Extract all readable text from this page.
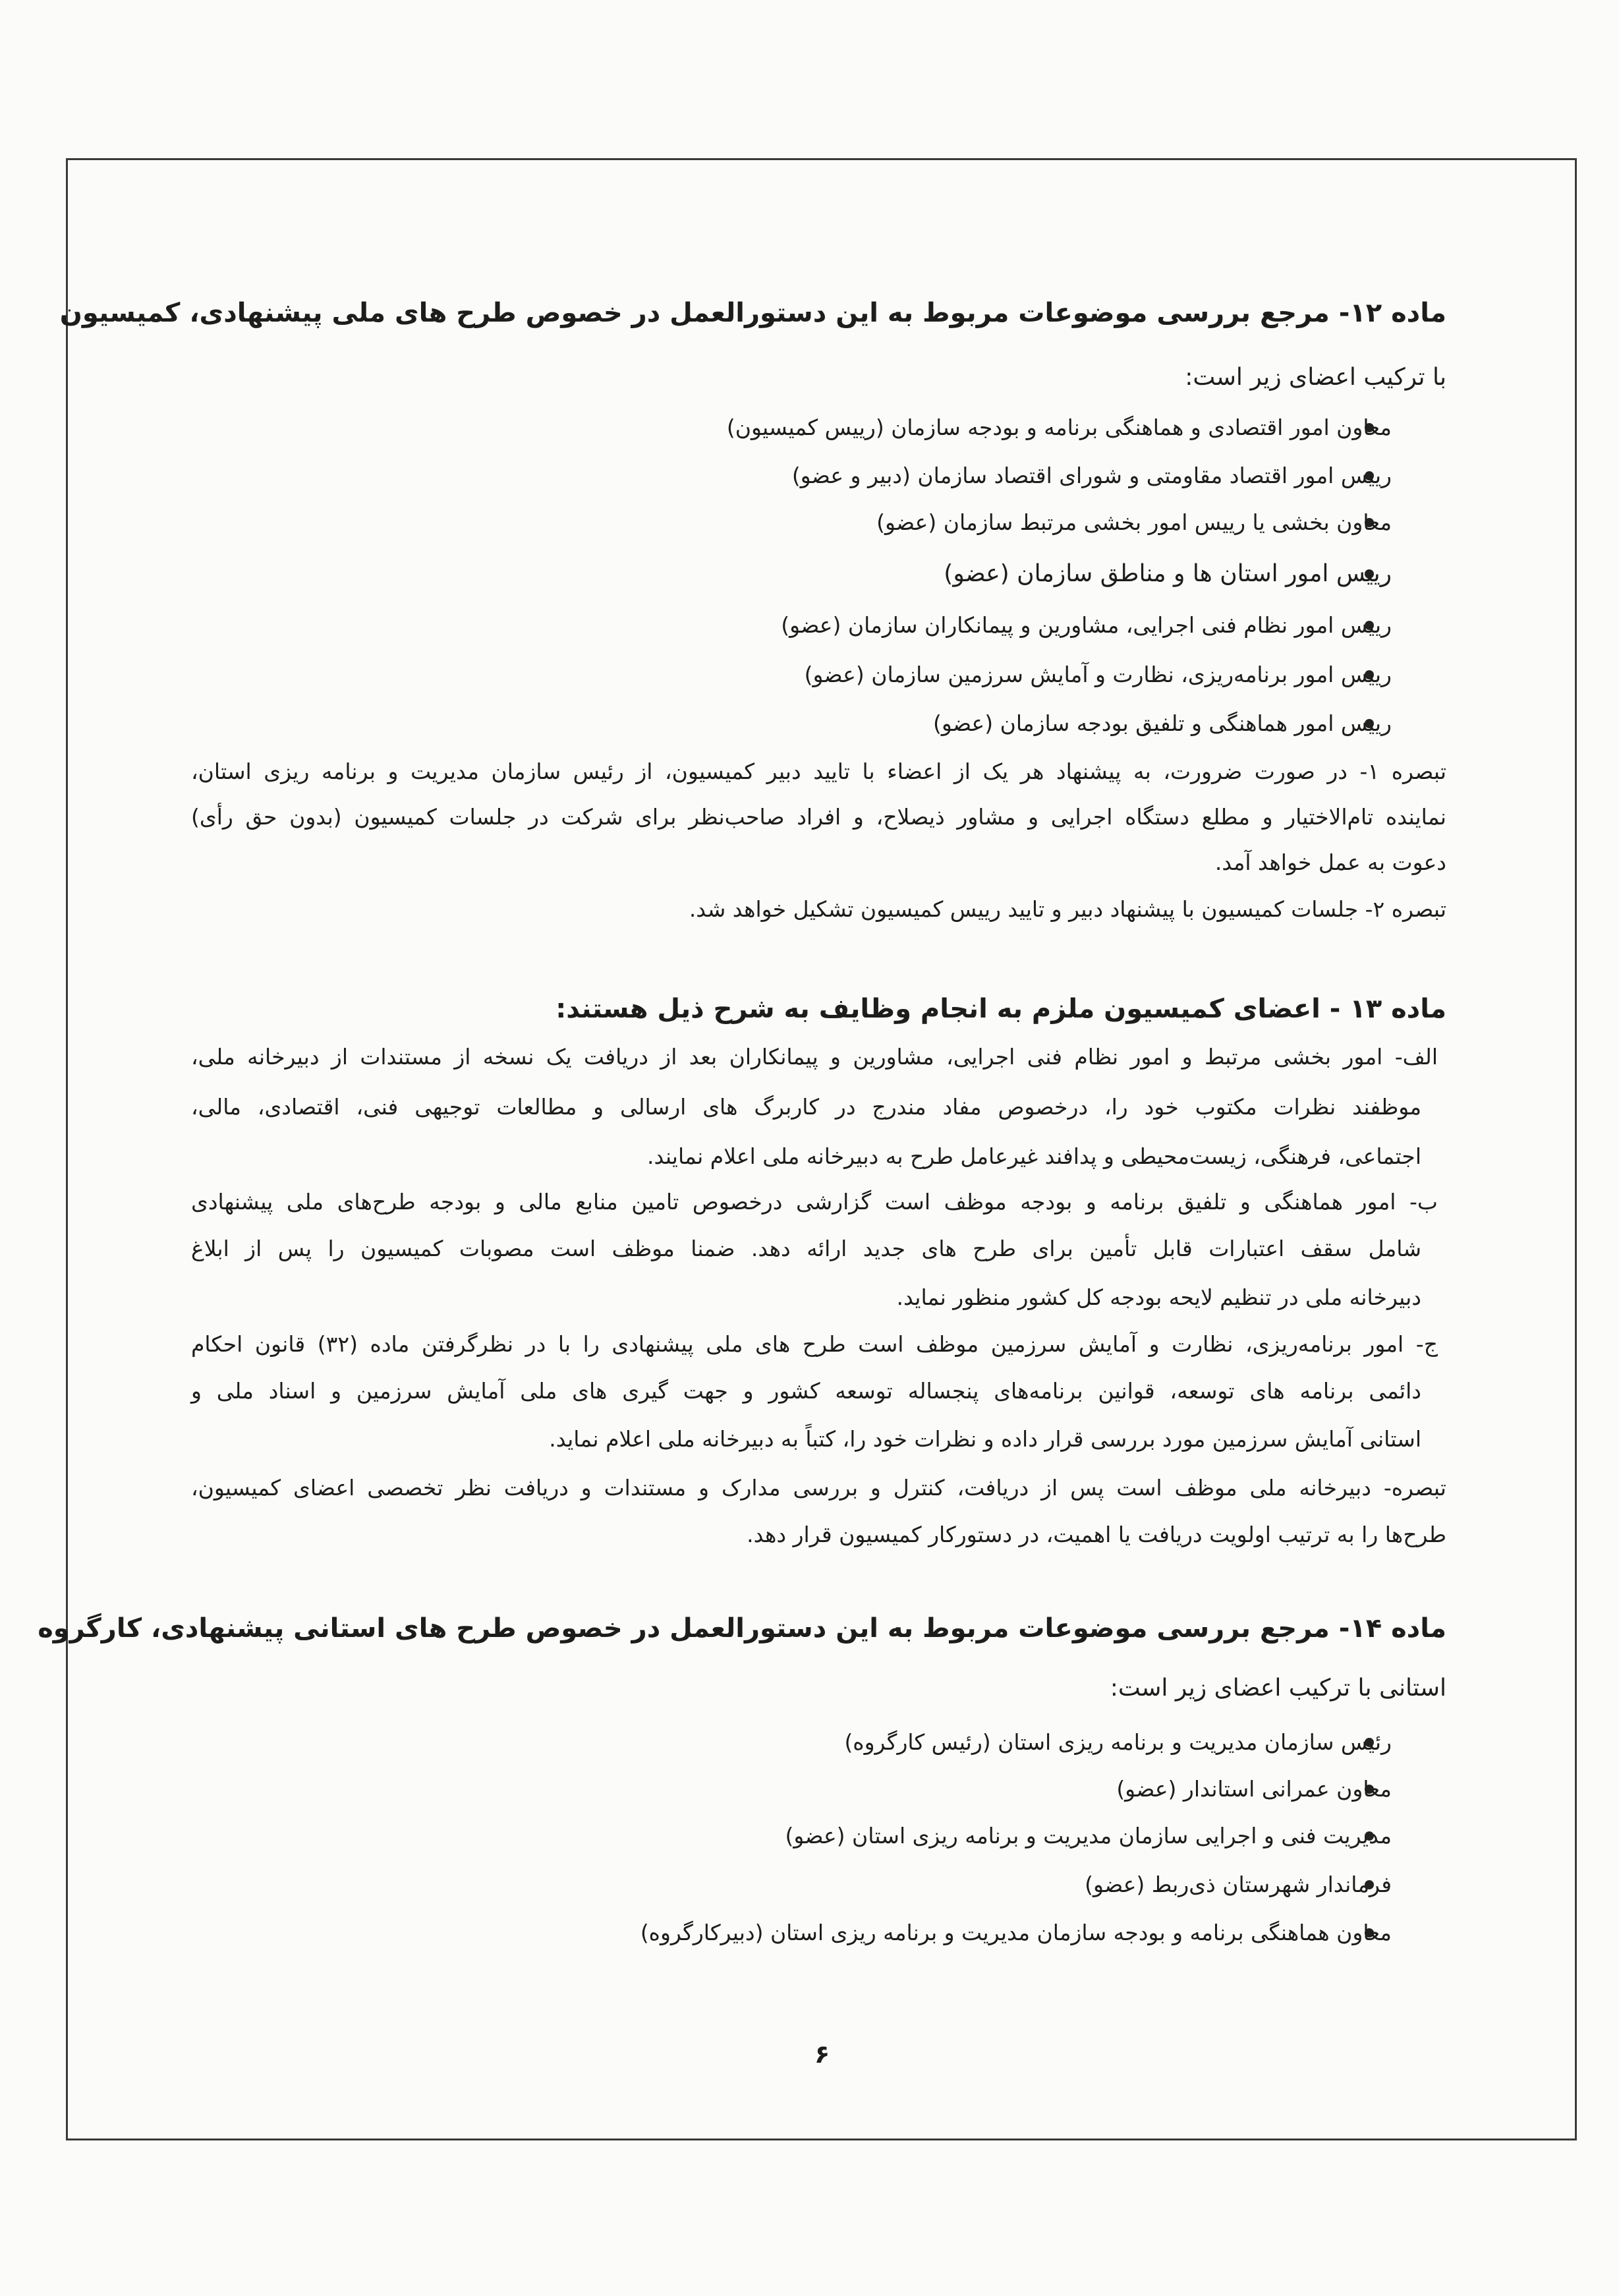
ماده ۱۲- مرجع بررسی موضوعات مربوط به این دستورالعمل در خصوص طرح های ملی پیشنهادی، کمیسیون
با ترکیب اعضای زیر است:
معاون امور اقتصادی و هماهنگی برنامه و بودجه سازمان (رییس کمیسیون)
رییس امور اقتصاد مقاومتی و شورای اقتصاد سازمان (دبیر و عضو)
معاون بخشی یا رییس امور بخشی مرتبط سازمان (عضو)
رییس امور استان ها و مناطق سازمان (عضو)
رییس امور نظام فنی اجرایی، مشاورین و پیمانکاران سازمان (عضو)
رییس امور برنامه‌ریزی، نظارت و آمایش سرزمین سازمان (عضو)
رییس امور هماهنگی و تلفیق بودجه سازمان (عضو)
تبصره ۱- در صورت ضرورت، به پیشنهاد هر یک از اعضاء با تایید دبیر کمیسیون، از رئیس سازمان مدیریت و برنامه ریزی استان،
نماینده تام‌الاختیار و مطلع دستگاه اجرایی و مشاور ذیصلاح، و افراد صاحب‌نظر برای شرکت در جلسات کمیسیون (بدون حق رأی)
دعوت به عمل خواهد آمد.
تبصره ۲- جلسات کمیسیون با پیشنهاد دبیر و تایید رییس کمیسیون تشکیل خواهد شد.
ماده ۱۳ - اعضای کمیسیون ملزم به انجام وظایف به شرح ذیل هستند:
الف- امور بخشی مرتبط و امور نظام فنی اجرایی، مشاورین و پیمانکاران بعد از دریافت یک نسخه از مستندات از دبیرخانه ملی،
موظفند نظرات مکتوب خود را، درخصوص مفاد مندرج در کاربرگ های ارسالی و مطالعات توجیهی فنی، اقتصادی، مالی،
اجتماعی، فرهنگی، زیست‌محیطی و پدافند غیرعامل طرح به دبیرخانه ملی اعلام نمایند.
ب- امور هماهنگی و تلفیق برنامه و بودجه موظف است گزارشی درخصوص تامین منابع مالی و بودجه طرح‌های ملی پیشنهادی
شامل سقف اعتبارات قابل تأمین برای طرح های جدید ارائه دهد. ضمنا موظف است مصوبات کمیسیون را پس از ابلاغ
دبیرخانه ملی در تنظیم لایحه بودجه کل کشور منظور نماید.
ج- امور برنامه‌ریزی، نظارت و آمایش سرزمین موظف است طرح های ملی پیشنهادی را با در نظرگرفتن ماده (۳۲) قانون احکام
دائمی برنامه های توسعه، قوانین برنامه‌های پنجساله توسعه کشور و جهت گیری های ملی آمایش سرزمین و اسناد ملی و
استانی آمایش سرزمین مورد بررسی قرار داده و نظرات خود را، کتباً به دبیرخانه ملی اعلام نماید.
تبصره- دبیرخانه ملی موظف است پس از دریافت، کنترل و بررسی مدارک و مستندات و دریافت نظر تخصصی اعضای کمیسیون،
طرح‌ها را به ترتیب اولویت دریافت یا اهمیت، در دستورکار کمیسیون قرار دهد.
ماده ۱۴- مرجع بررسی موضوعات مربوط به این دستورالعمل در خصوص طرح های استانی پیشنهادی، کارگروه
استانی با ترکیب اعضای زیر است:
رئیس سازمان مدیریت و برنامه ریزی استان (رئیس کارگروه)
معاون عمرانی استاندار (عضو)
مدیریت فنی و اجرایی سازمان مدیریت و برنامه ریزی استان (عضو)
فرماندار شهرستان ذی‌ربط (عضو)
معاون هماهنگی برنامه و بودجه سازمان مدیریت و برنامه ریزی استان (دبیرکارگروه)
۶
